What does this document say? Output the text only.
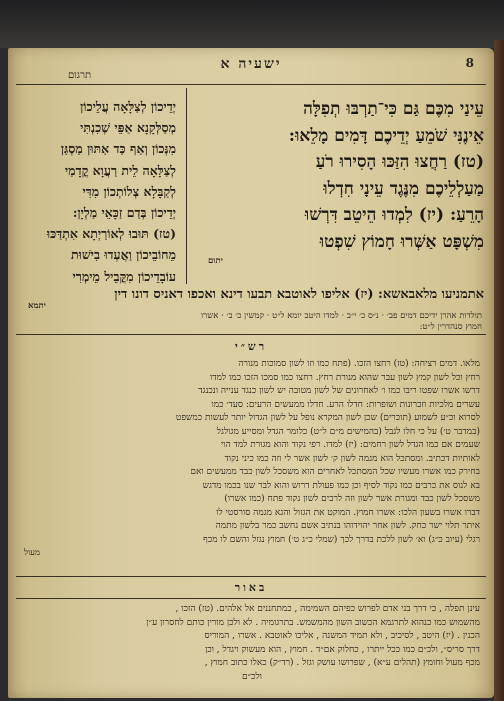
8
ישעיה א
תרגום
עֵינַי מִכֶּם גַּם כִּי־תַרְבּוּ תְפִלָּה
אֵינֶנִּי שֹׁמֵעַ יְדֵיכֶם דָּמִים מָלֵאוּ:
(טז) רַחֲצוּ הִזַּכּוּ הָסִירוּ רֹעַ
מַעַלְלֵיכֶם מִנֶּגֶד עֵינָי חִדְלוּ
הָרֵעַ: (יז) לִמְדוּ הֵיטֵב דִּרְשׁוּ
מִשְׁפָּט אַשְּׁרוּ חָמוֹץ שִׁפְטוּ
יתום
יְדֵיכוֹן לְצַלָּאָה עֲלֵיכוֹן
מְסַלְּקָנָא אַפֵּי שְׁכִנְתִּי
מִנְּכוֹן וְאַף כַּד אַתּוּן מַסְגַּן
לְצַלָּאָה לֵית רַעֲוָא קֳדָמַי
לְקַבָּלָא צְלוֹתְכוֹן מִדִּי
יְדֵיכוֹן בְּדַם זַכָּאֵי מַלְיָן:
(טז) תּוּבוּ לְאוֹרַיְתָא אִתְדַּכּוּ
מֵחוֹבֵיכוֹן וַאֲעְדוּ בִישׁוּת
עוֹבָדֵיכוֹן מִקֳּבֵיל מֵימְרִי
אתמניעו מלאבאשא: (יז) אליפו לאוטבא תבעו דינא ואכפו דאניס דונו דין
יתמא
תולדות אהרן ידיכם דמים פב׳ · נ״ס כ׳ י״ב · למדו היטב יומא ל״ט · קמשין כ׳ ב׳ · אשרו
חמוץ סנהדרין ל״ט:
רש״י
מלאו. דמים רציחה: (טז) רחצו הזכו. (פתח כמו וזו לשון סמוכות מנורה
רחץ וכל לשון קמץ לשון עבר שהוא מנורת רחץ. רחצו כמו סמכו הזכו כמו למדו
דרשו אשרו שפטו ריבו כמו ו׳ לאחרונים של לשון מטובה יש לשון כנגד ענייה ונכנגד
עשרים מלכיות וזכרונות ושופרות: חדלו הרע. חדלו ממעשים הרעים: סעד׳ כמו
לסרוא וכ״ע לשמוע (תוכרים) שכן לשון המקרא נופל על לשון הגדול יותר לעשות כמשפט
(במדבר ט׳) על כי חלו לגבל (בהמישים מ״ם ל״ט) כלומר הגדל ומסייע מגולגל
שעמים אם כמו הגדל לשון רחמים: (יז) למדו. רפי נקוד והוא מגורת למד הוי
לאותיות דכתיב. ומסתכל הוא מגמה לשון ק׳ לשון אשר לי וזה כמו כיני נקוד
בחירק כמו אשרו מעשיו שכל המסתכל לאחרים הוא משסכל לשון כבד ממעשים ואם
בא לנוס את כרבים כמו נקוד לסיף וכן כמו פעולת דרוש והוא לבר שנו בכמו מדגש
משסכל לשון כבד ומגורת אשר לשון וזה לרבים לשון נקוד פתח (כמו אשרו)
דברו אשרו בשעון הלכו: אשרו חמוץ. המוקט את הגזול והגא מגמה סורסטי לו
איתר תלוי ישר כחק. לשון אחר יהוידוהו בנתיב אשם נחשב כמר בלשון מתמה
רגלי (עיוב כ״ג) וא׳ לשון ללכת בדרך לכך (שמלי כ״ג ט׳) חמוץ נגזל והשם לו מכף
מעול
באור
עינן תפלה , כי דרך בני אדם לפרוש כפיהם השמימה , כמתחננים אל אלהים. (טז) הזכו ,
מהשמוש כמו כנהוא לתרגמא הכשוב השון מהמשמש. בתרגומיה . לא ולכן מורין כותם לחסרון ע״ן
הכנין . (יז) היטב , לסיכיב , ולא תמיד המשנה , אליכו לאוטבא . אשרו , המוריס
דרך סריס״, ולכ״ם כמו ככל ייתרו , כחלוק אם״ד . חמוץ , הוא מעשוק ויגדל , וכן
מכף מעול וחומץ (תהלים ע״א) , שפרושו עושק וגזל . (רד״ק) כאלו כתוב חמוץ ,
ולכ״ם
